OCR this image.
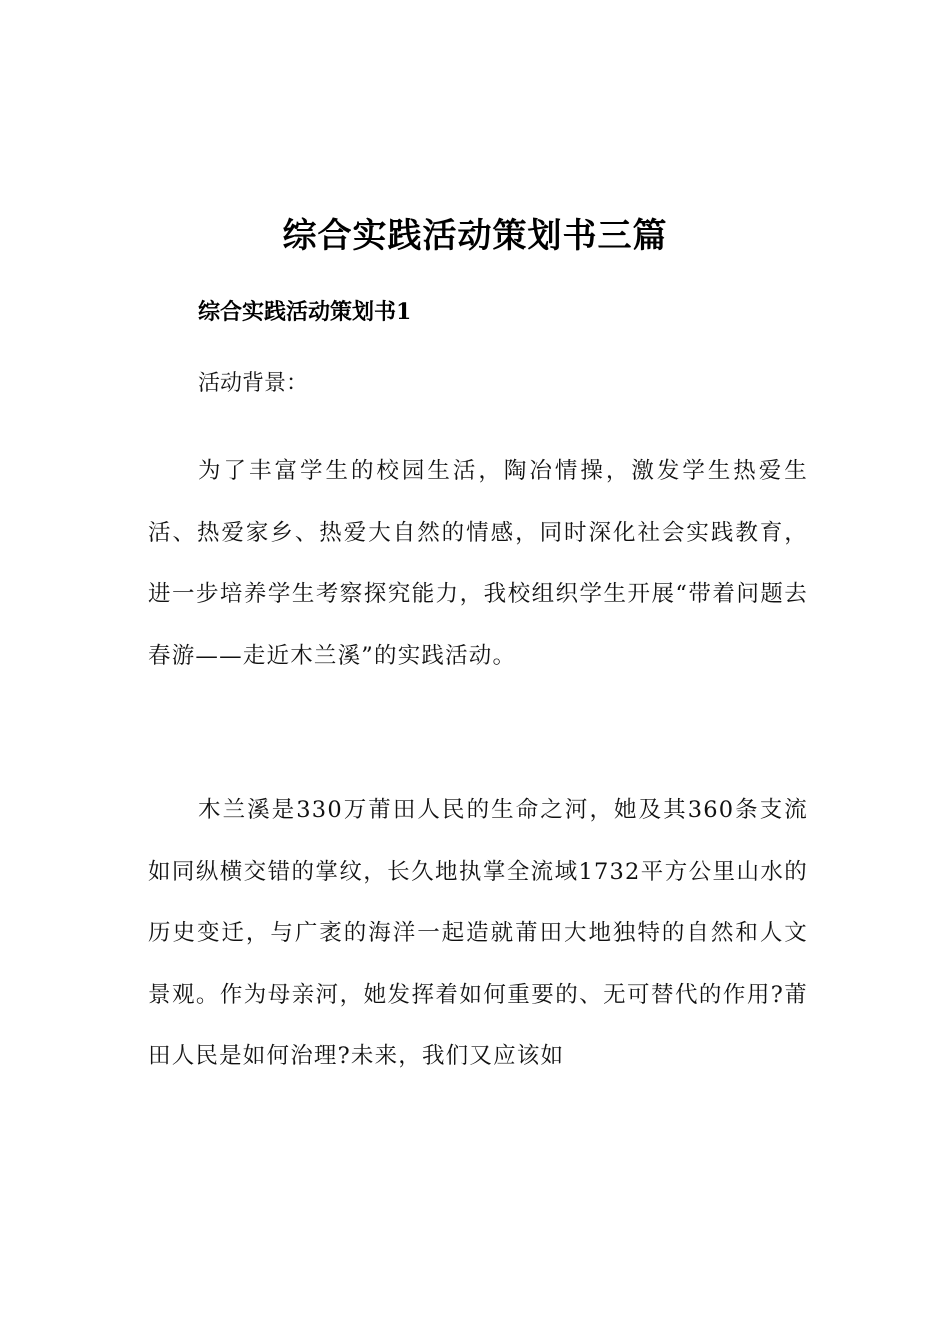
综合实践活动策划书三篇
综合实践活动策划书1
活动背景：
为了丰富学生的校园生活，陶冶情操，激发学生热爱生活、热爱家乡、热爱大自然的情感，同时深化社会实践教育，进一步培养学生考察探究能力，我校组织学生开展“带着问题去春游——走近木兰溪”的实践活动。
木兰溪是330万莆田人民的生命之河，她及其360条支流如同纵横交错的掌纹，长久地执掌全流域1732平方公里山水的历史变迁，与广袤的海洋一起造就莆田大地独特的自然和人文景观。作为母亲河，她发挥着如何重要的、无可替代的作用?莆田人民是如何治理?未来，我们又应该如
